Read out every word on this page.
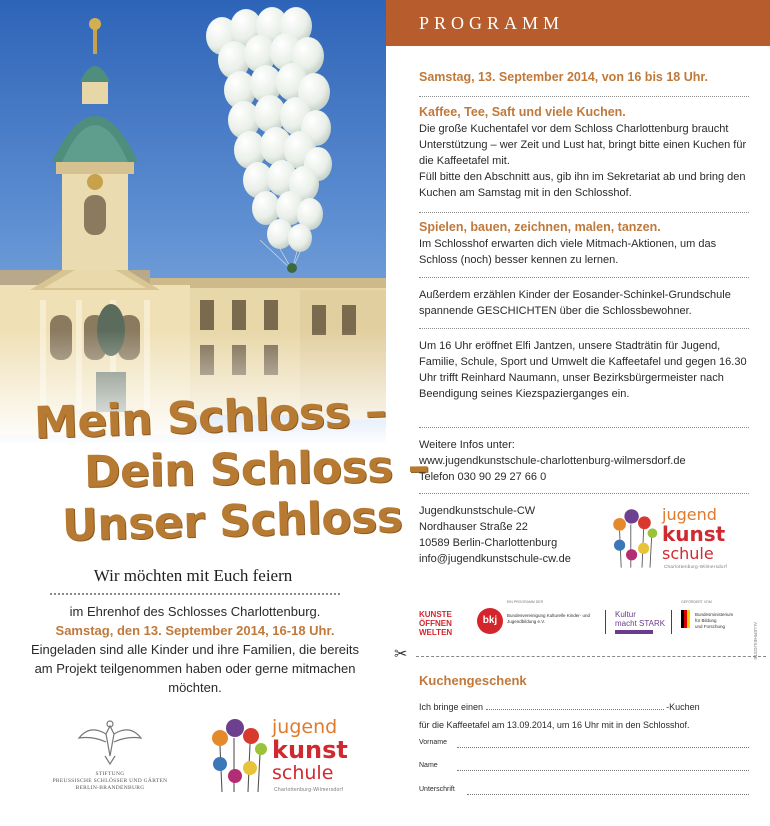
Mein Schloss –
Dein Schloss –
Unser Schloss
Wir möchten mit Euch feiern
im Ehrenhof des Schlosses Charlottenburg.
Samstag, den 13. September 2014, 16-18 Uhr.
Eingeladen sind alle Kinder und ihre Familien, die bereits am Projekt teilgenommen haben oder gerne mitmachen möchten.
STIFTUNG
PREUSSISCHE SCHLÖSSER UND GÄRTEN
BERLIN-BRANDENBURG
jugend
kunst
schule
Charlottenburg-Wilmersdorf
PROGRAMM
Samstag, 13. September 2014, von 16 bis 18 Uhr.
Kaffee, Tee, Saft und viele Kuchen.
Die große Kuchentafel vor dem Schloss Charlottenburg braucht Unterstützung – wer Zeit und Lust hat, bringt bitte einen Kuchen für die Kaffeetafel mit.
Füll bitte den Abschnitt aus, gib ihn im Sekretariat ab und bring den Kuchen am Samstag mit in den Schlosshof.
Spielen, bauen, zeichnen, malen, tanzen.
Im Schlosshof erwarten dich viele Mitmach-Aktionen, um das Schloss (noch) besser kennen zu lernen.
Außerdem erzählen Kinder der Eosander-Schinkel-Grundschule spannende GESCHICHTEN über die Schlossbewohner.
Um 16 Uhr eröffnet Elfi Jantzen, unsere Stadträtin für Jugend, Familie, Schule, Sport und Umwelt die Kaffeetafel und gegen 16.30 Uhr trifft Reinhard Naumann, unser Bezirksbürgermeister nach Beendigung seines Kiezspazierganges ein.
Weitere Infos unter:
www.jugendkunstschule-charlottenburg-wilmersdorf.de
Telefon 030 90 29 27 66 0
Jugendkunstschule-CW
Nordhauser Straße 22
10589 Berlin-Charlottenburg
info@jugendkunstschule-cw.de
jugend
kunst
schule
Charlottenburg-Wilmersdorf
KUNSTE
ÖFFNEN
WELTEN
EIN PROGRAMM DER
bkj	Bundesvereinigung Kulturelle Kinder- und Jugendbildung e.V.
Kultur
macht STARK
GEFÖRDERT VOM
Bundesministerium
für Bildung
und Forschung
✂
Kuchengeschenk
Ich bringe einen	-Kuchen
für die Kaffeetafel am 13.09.2014, um 16 Uhr mit in den Schlosshof.
Vorname
Name
Unterschrift
ALLERHEILIGSTE
